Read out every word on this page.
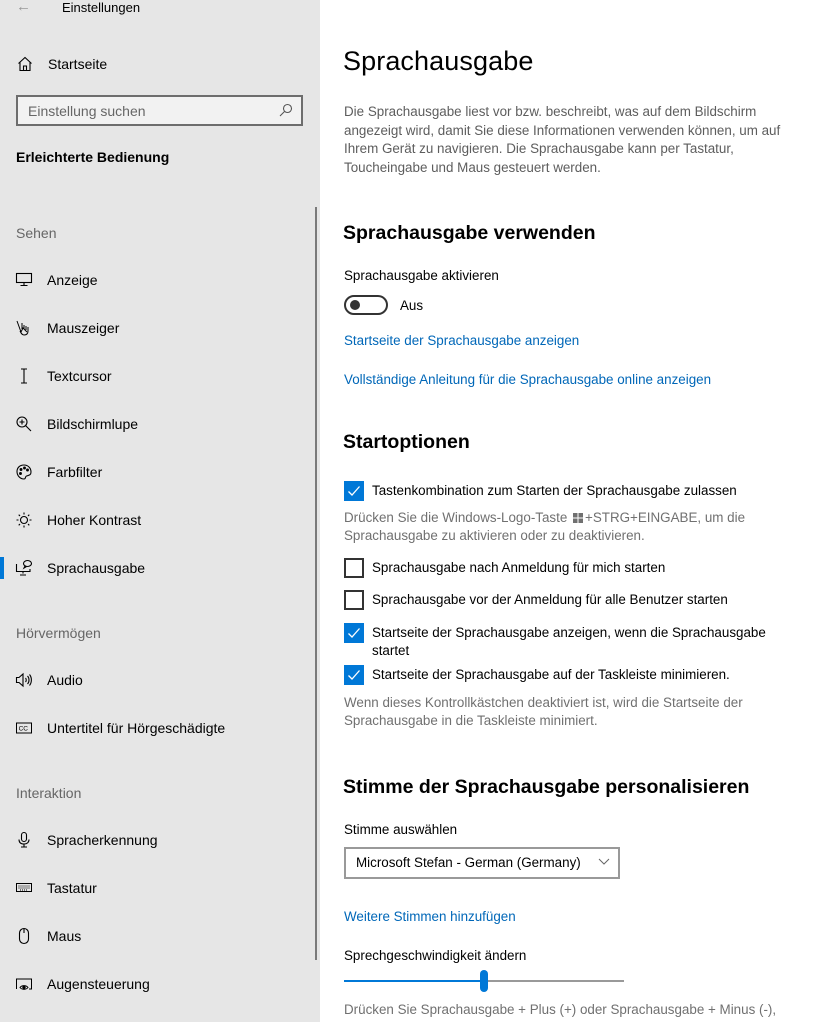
← Einstellungen
Startseite
Einstellung suchen
Erleichterte Bedienung
Sehen
Anzeige
Mauszeiger
Textcursor
Bildschirmlupe
Farbfilter
Hoher Kontrast
Sprachausgabe
Hörvermögen
Audio
CC Untertitel für Hörgeschädigte
Interaktion
Spracherkennung
Tastatur
Maus
Augensteuerung
Sprachausgabe

Die Sprachausgabe liest vor bzw. beschreibt, was auf dem Bildschirm angezeigt wird, damit Sie diese Informationen verwenden können, um auf Ihrem Gerät zu navigieren. Die Sprachausgabe kann per Tastatur, Toucheingabe und Maus gesteuert werden.

Sprachausgabe verwenden
Sprachausgabe aktivieren
Aus
Startseite der Sprachausgabe anzeigen
Vollständige Anleitung für die Sprachausgabe online anzeigen
Startoptionen
Tastenkombination zum Starten der Sprachausgabe zulassen
Drücken Sie die Windows-Logo-Taste +STRG+EINGABE, um die Sprachausgabe zu aktivieren oder zu deaktivieren.
Sprachausgabe nach Anmeldung für mich starten
Sprachausgabe vor der Anmeldung für alle Benutzer starten
Startseite der Sprachausgabe anzeigen, wenn die Sprachausgabe startet
Startseite der Sprachausgabe auf der Taskleiste minimieren.
Wenn dieses Kontrollkästchen deaktiviert ist, wird die Startseite der Sprachausgabe in die Taskleiste minimiert.
Stimme der Sprachausgabe personalisieren
Stimme auswählen
Microsoft Stefan - German (Germany)
Weitere Stimmen hinzufügen
Sprechgeschwindigkeit ändern
Drücken Sie Sprachausgabe + Plus (+) oder Sprachausgabe + Minus (-),
